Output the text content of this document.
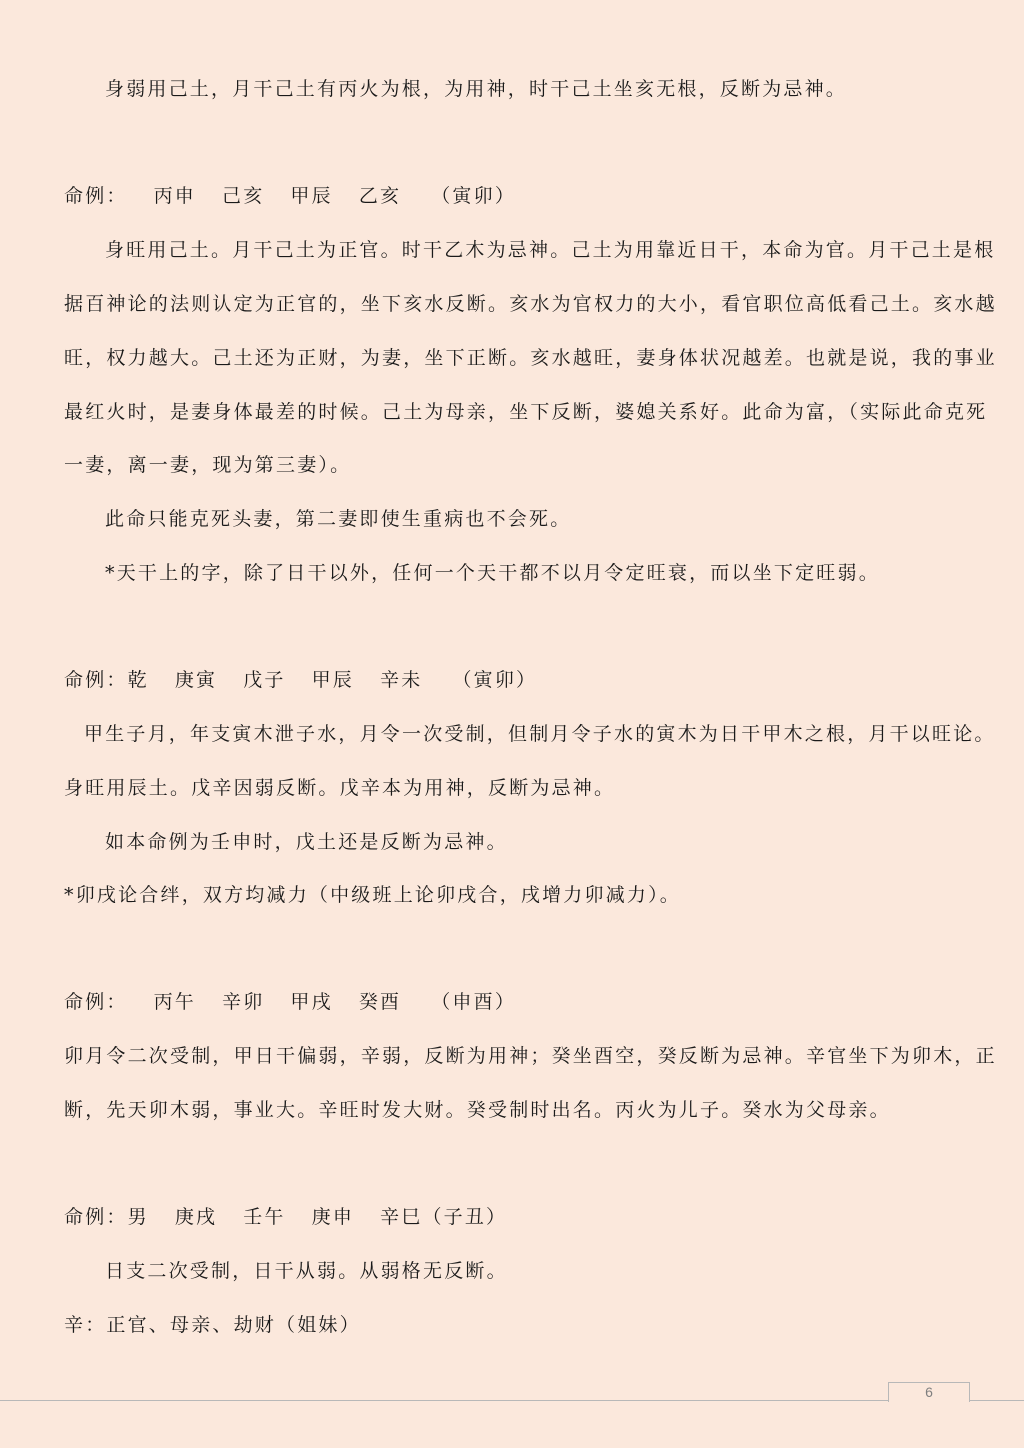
身弱用己土，月干己土有丙火为根，为用神，时干己土坐亥无根，反断为忌神。
命例： 丙申 己亥 甲辰 乙亥 （寅卯）
身旺用己土。月干己土为正官。时干乙木为忌神。己土为用靠近日干，本命为官。月干己土是根
据百神论的法则认定为正官的，坐下亥水反断。亥水为官权力的大小，看官职位高低看己土。亥水越
旺，权力越大。己土还为正财，为妻，坐下正断。亥水越旺，妻身体状况越差。也就是说，我的事业
最红火时，是妻身体最差的时候。己土为母亲，坐下反断，婆媳关系好。此命为富，（实际此命克死
一妻，离一妻，现为第三妻）。
此命只能克死头妻，第二妻即使生重病也不会死。
*天干上的字，除了日干以外，任何一个天干都不以月令定旺衰，而以坐下定旺弱。
命例：乾 庚寅 戊子 甲辰 辛未 （寅卯）
甲生子月，年支寅木泄子水，月令一次受制，但制月令子水的寅木为日干甲木之根，月干以旺论。
身旺用辰土。戊辛因弱反断。戊辛本为用神，反断为忌神。
如本命例为壬申时，戊土还是反断为忌神。
*卯戌论合绊，双方均减力（中级班上论卯戌合，戌增力卯减力）。
命例： 丙午 辛卯 甲戌 癸酉 （申酉）
卯月令二次受制，甲日干偏弱，辛弱，反断为用神；癸坐酉空，癸反断为忌神。辛官坐下为卯木，正
断，先天卯木弱，事业大。辛旺时发大财。癸受制时出名。丙火为儿子。癸水为父母亲。
命例：男 庚戌 壬午 庚申 辛巳（子丑）
日支二次受制，日干从弱。从弱格无反断。
辛：正官、母亲、劫财（姐妹）
6
